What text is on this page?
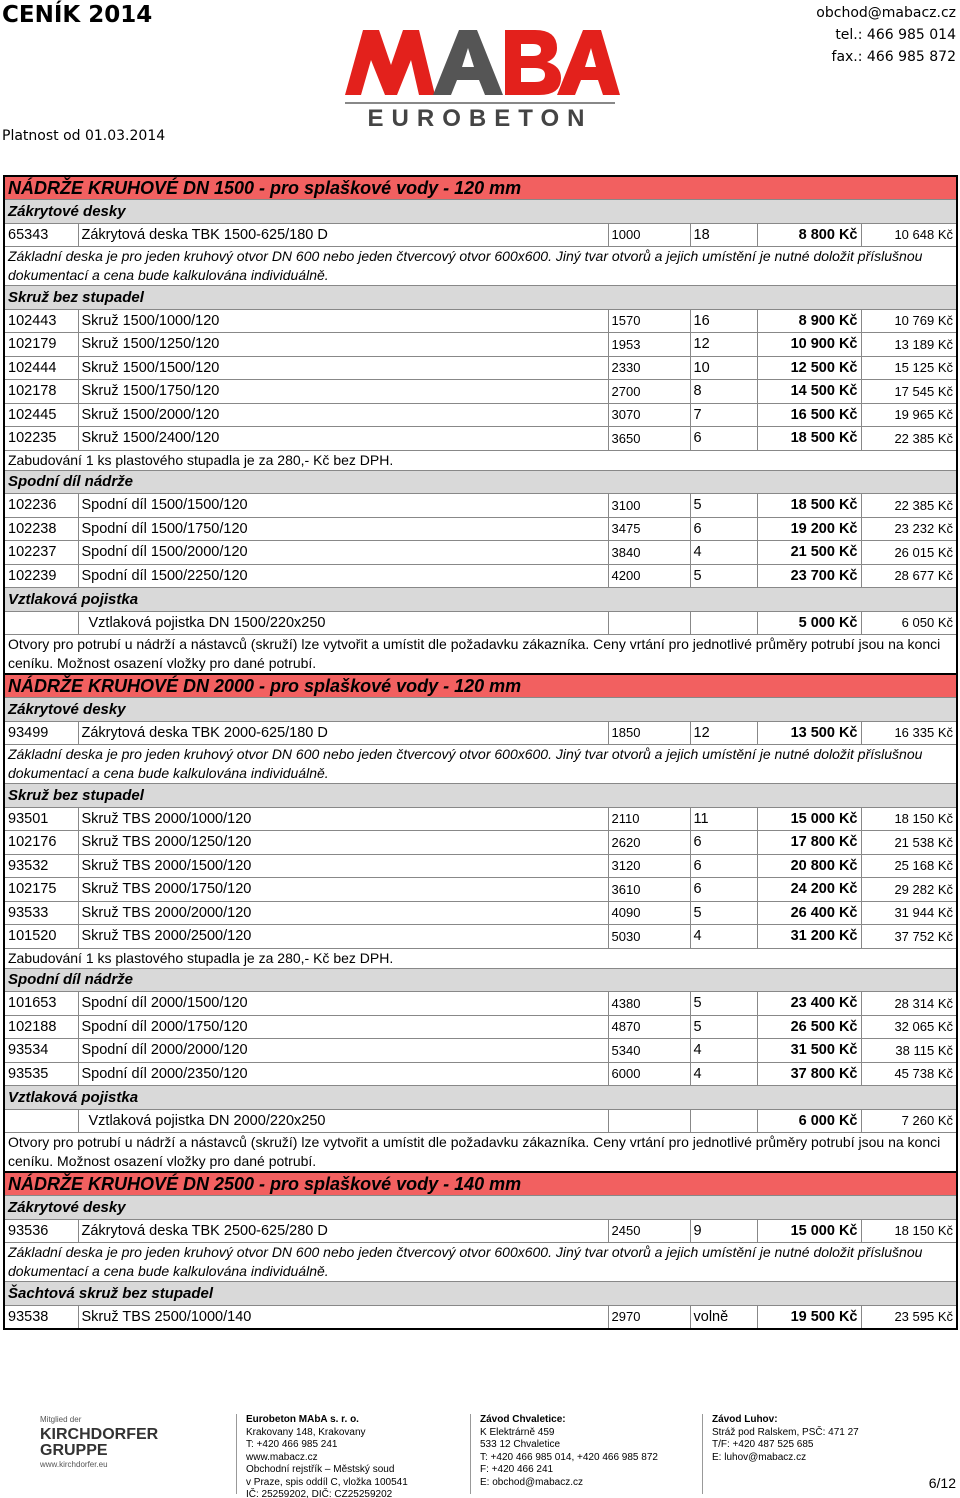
CENÍK 2014
Platnost od 01.03.2014
obchod@mabacz.cz
tel.: 466 985 014
fax.: 466 985 872
EUROBETON
NÁDRŽE KRUHOVÉ DN 1500 - pro splaškové vody - 120 mm					
Zákrytové desky					
65343	Zákrytová deska TBK 1500-625/180 D	1000	18	8 800 Kč	10 648 Kč
Základní deska je pro jeden kruhový otvor DN 600 nebo jeden čtvercový otvor 600x600. Jiný tvar otvorů a jejich umístění je nutné doložit příslušnou dokumentací a cena bude kalkulována individuálně.					
Skruž bez stupadel					
102443	Skruž 1500/1000/120	1570	16	8 900 Kč	10 769 Kč
102179	Skruž 1500/1250/120	1953	12	10 900 Kč	13 189 Kč
102444	Skruž 1500/1500/120	2330	10	12 500 Kč	15 125 Kč
102178	Skruž 1500/1750/120	2700	8	14 500 Kč	17 545 Kč
102445	Skruž 1500/2000/120	3070	7	16 500 Kč	19 965 Kč
102235	Skruž 1500/2400/120	3650	6	18 500 Kč	22 385 Kč
Zabudování 1 ks plastového stupadla je za 280,- Kč bez DPH.					
Spodní díl nádrže					
102236	Spodní díl 1500/1500/120	3100	5	18 500 Kč	22 385 Kč
102238	Spodní díl 1500/1750/120	3475	6	19 200 Kč	23 232 Kč
102237	Spodní díl 1500/2000/120	3840	4	21 500 Kč	26 015 Kč
102239	Spodní díl 1500/2250/120	4200	5	23 700 Kč	28 677 Kč
Vztlaková pojistka					
	Vztlaková pojistka DN 1500/220x250			5 000 Kč	6 050 Kč
Otvory pro potrubí u nádrží a nástavců (skruží) lze vytvořit a umístit dle požadavku zákazníka. Ceny vrtání pro jednotlivé průměry potrubí jsou na konci ceníku. Možnost osazení vložky pro dané potrubí.					
NÁDRŽE KRUHOVÉ DN 2000 - pro splaškové vody - 120 mm					
Zákrytové desky					
93499	Zákrytová deska TBK 2000-625/180 D	1850	12	13 500 Kč	16 335 Kč
Základní deska je pro jeden kruhový otvor DN 600 nebo jeden čtvercový otvor 600x600. Jiný tvar otvorů a jejich umístění je nutné doložit příslušnou dokumentací a cena bude kalkulována individuálně.					
Skruž bez stupadel					
93501	Skruž TBS 2000/1000/120	2110	11	15 000 Kč	18 150 Kč
102176	Skruž TBS 2000/1250/120	2620	6	17 800 Kč	21 538 Kč
93532	Skruž TBS 2000/1500/120	3120	6	20 800 Kč	25 168 Kč
102175	Skruž TBS 2000/1750/120	3610	6	24 200 Kč	29 282 Kč
93533	Skruž TBS 2000/2000/120	4090	5	26 400 Kč	31 944 Kč
101520	Skruž TBS 2000/2500/120	5030	4	31 200 Kč	37 752 Kč
Zabudování 1 ks plastového stupadla je za 280,- Kč bez DPH.					
Spodní díl nádrže					
101653	Spodní díl 2000/1500/120	4380	5	23 400 Kč	28 314 Kč
102188	Spodní díl 2000/1750/120	4870	5	26 500 Kč	32 065 Kč
93534	Spodní díl 2000/2000/120	5340	4	31 500 Kč	38 115 Kč
93535	Spodní díl 2000/2350/120	6000	4	37 800 Kč	45 738 Kč
Vztlaková pojistka					
	Vztlaková pojistka DN 2000/220x250			6 000 Kč	7 260 Kč
Otvory pro potrubí u nádrží a nástavců (skruží) lze vytvořit a umístit dle požadavku zákazníka. Ceny vrtání pro jednotlivé průměry potrubí jsou na konci ceníku. Možnost osazení vložky pro dané potrubí.					
NÁDRŽE KRUHOVÉ DN 2500 - pro splaškové vody - 140 mm					
Zákrytové desky					
93536	Zákrytová deska TBK 2500-625/280 D	2450	9	15 000 Kč	18 150 Kč
Základní deska je pro jeden kruhový otvor DN 600 nebo jeden čtvercový otvor 600x600. Jiný tvar otvorů a jejich umístění je nutné doložit příslušnou dokumentací a cena bude kalkulována individuálně.					
Šachtová skruž bez stupadel					
93538	Skruž TBS 2500/1000/140	2970	volně	19 500 Kč	23 595 Kč
Mitglied der
KIRCHDORFER
GRUPPE
www.kirchdorfer.eu
Eurobeton MAbA s. r. o.
Krakovany 148, Krakovany
T: +420 466 985 241
www.mabacz.cz
Obchodní rejstřík – Městský soud
v Praze, spis oddíl C, vložka 100541
IČ: 25259202, DIČ: CZ25259202
Závod Chvaletice:
K Elektrárně 459
533 12 Chvaletice
T: +420 466 985 014, +420 466 985 872
F: +420 466 241
E: obchod@mabacz.cz
Závod Luhov:
Stráž pod Ralskem, PSČ: 471 27
T/F: +420 487 525 685
E: luhov@mabacz.cz
6/12
